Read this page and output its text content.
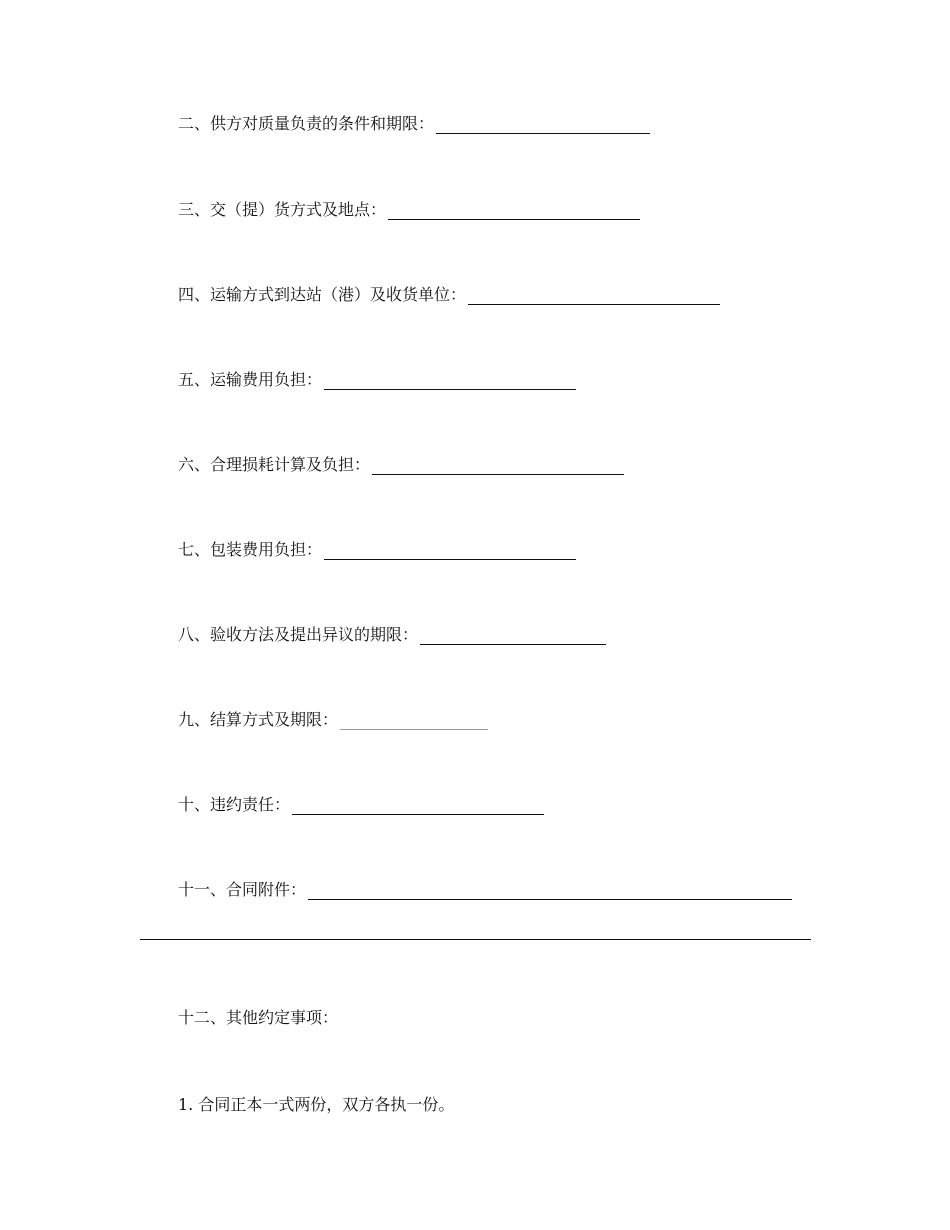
二、供方对质量负责的条件和期限：
三、交（提）货方式及地点：
四、运输方式到达站（港）及收货单位：
五、运输费用负担：
六、合理损耗计算及负担：
七、包装费用负担：
八、验收方法及提出异议的期限：
九、结算方式及期限：
十、违约责任：
十一、合同附件：
十二、其他约定事项：
1. 合同正本一式两份，双方各执一份。
